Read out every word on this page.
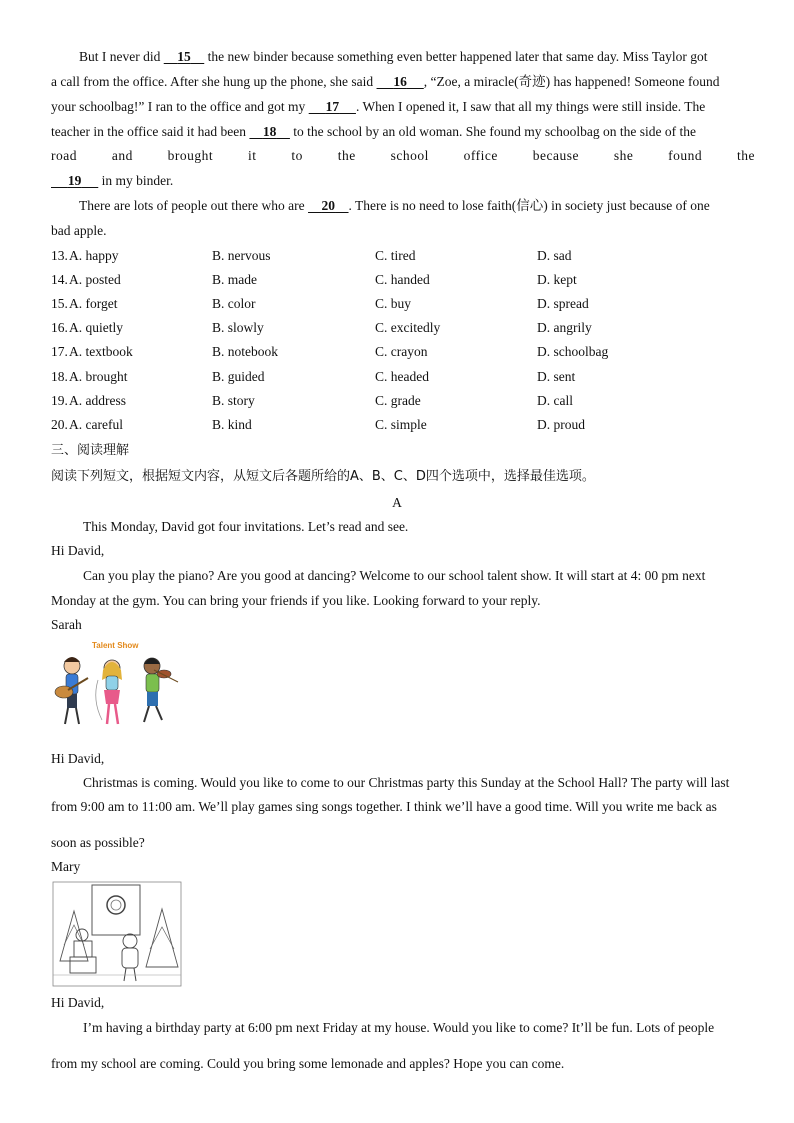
But I never did     15     the new binder because something even better happened later that same day. Miss Taylor got
a call from the office. After she hung up the phone, she said      16 , “Zoe, a miracle(奇迹) has happened! Someone found
your schoolbag!” I ran to the office and got my      17 . When I opened it, I saw that all my things were still inside. The
teacher in the office said it had been     18     to the school by an old woman. She found my schoolbag on the side of the
road and brought it to the school office because she found the
19      in my binder.
There are lots of people out there who are     20 . There is no need to lose faith(信心) in society just because of one
bad apple.
13. A. happy	B. nervous	C. tired	D. sad
14. A. posted	B. made	C. handed	D. kept
15. A. forget	B. color	C. buy	D. spread
16. A. quietly	B. slowly	C. excitedly	D. angrily
17. A. textbook	B. notebook	C. crayon	D. schoolbag
18. A. brought	B. guided	C. headed	D. sent
19. A. address	B. story	C. grade	D. call
20. A. careful	B. kind	C. simple	D. proud
三、阅读理解
阅读下列短文，根据短文内容，从短文后各题所给的A、B、C、D四个选项中，选择最佳选项。
A
This Monday, David got four invitations. Let’s read and see.
Hi David,
Can you play the piano? Are you good at dancing? Welcome to our school talent show. It will start at 4: 00 pm next
Monday at the gym. You can bring your friends if you like. Looking forward to your reply.
Sarah
Talent Show
Hi David,
Christmas is coming. Would you like to come to our Christmas party this Sunday at the School Hall? The party will last
from 9:00 am to 11:00 am. We’ll play games sing songs together. I think we’ll have a good time. Will you write me back as
soon as possible?
Mary
Hi David,
I’m having a birthday party at 6:00 pm next Friday at my house. Would you like to come? It’ll be fun. Lots of people
from my school are coming. Could you bring some lemonade and apples? Hope you can come.
